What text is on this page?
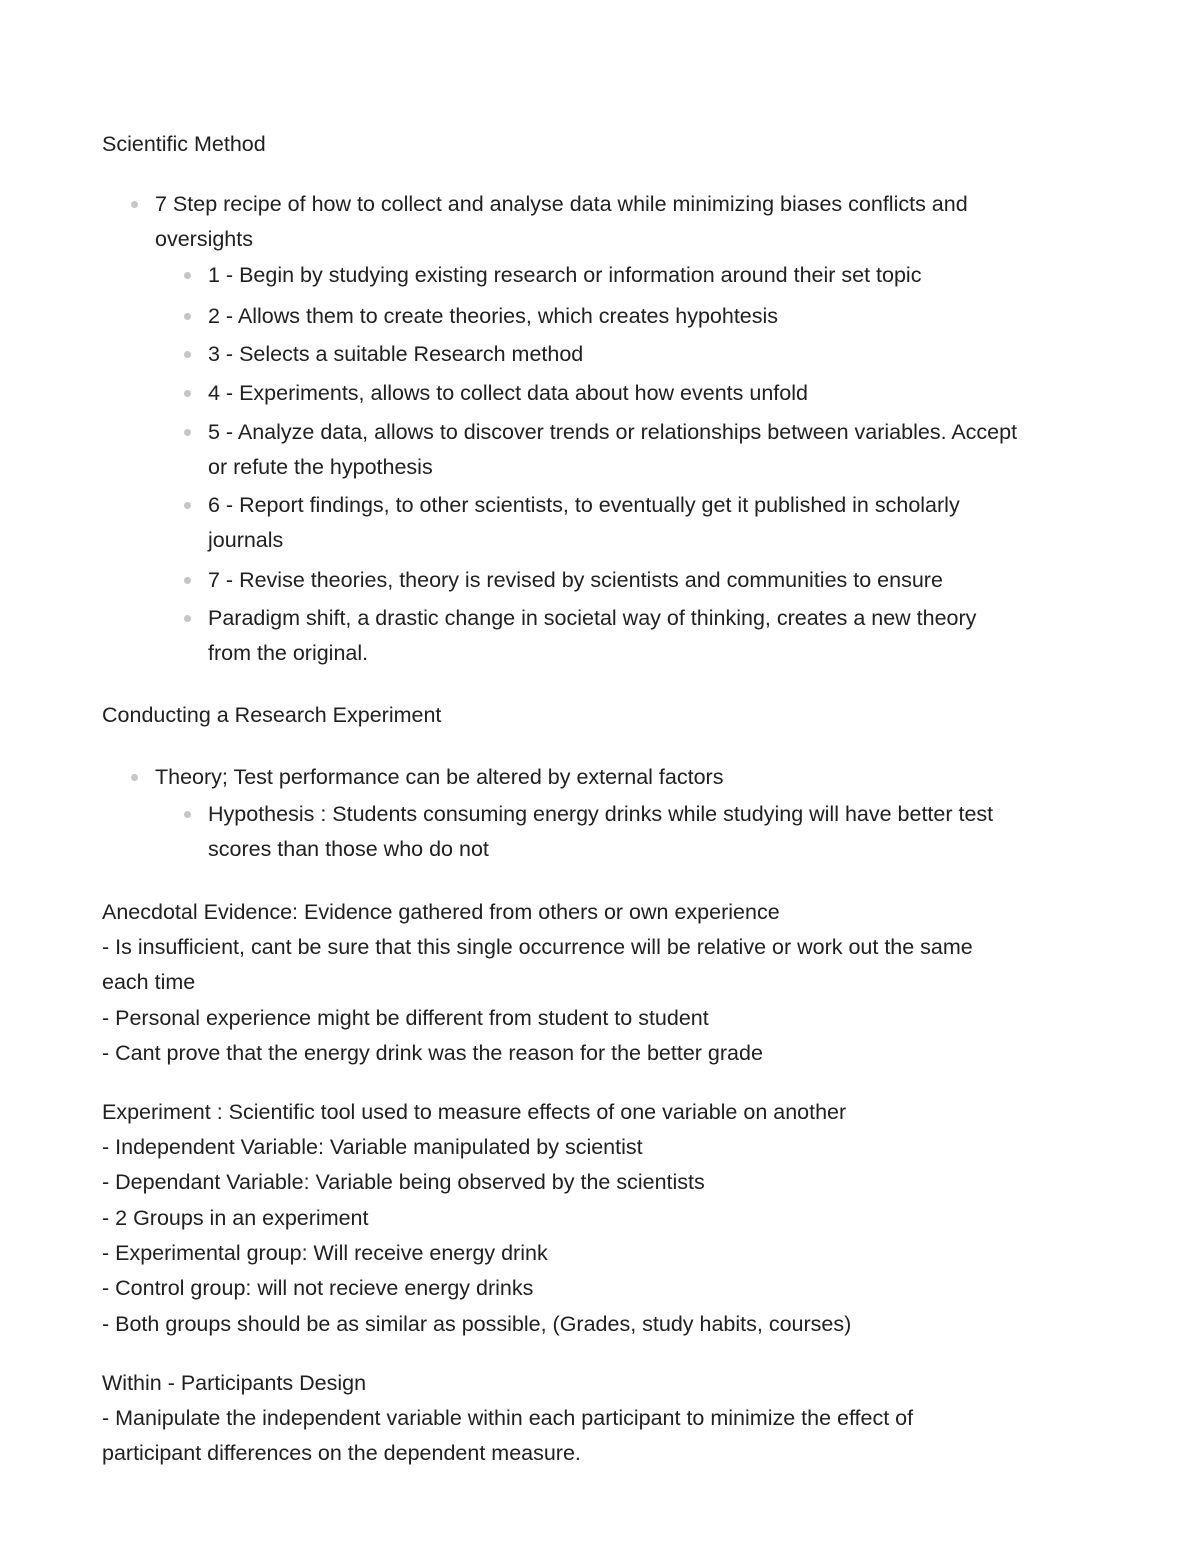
Scientific Method
7 Step recipe of how to collect and analyse data while minimizing biases conflicts and
oversights
1 - Begin by studying existing research or information around their set topic
2 - Allows them to create theories, which creates hypohtesis
3 - Selects a suitable Research method
4 - Experiments, allows to collect data about how events unfold
5 - Analyze data, allows to discover trends or relationships between variables. Accept
or refute the hypothesis
6 - Report findings, to other scientists, to eventually get it published in scholarly
journals
7 - Revise theories, theory is revised by scientists and communities to ensure
Paradigm shift, a drastic change in societal way of thinking, creates a new theory
from the original.
Conducting a Research Experiment
Theory; Test performance can be altered by external factors
Hypothesis : Students consuming energy drinks while studying will have better test
scores than those who do not
Anecdotal Evidence: Evidence gathered from others or own experience
- Is insufficient, cant be sure that this single occurrence will be relative or work out the same
each time
- Personal experience might be different from student to student
- Cant prove that the energy drink was the reason for the better grade
Experiment : Scientific tool used to measure effects of one variable on another
- Independent Variable: Variable manipulated by scientist
- Dependant Variable: Variable being observed by the scientists
- 2 Groups in an experiment
- Experimental group: Will receive energy drink
- Control group: will not recieve energy drinks
- Both groups should be as similar as possible, (Grades, study habits, courses)
Within - Participants Design
- Manipulate the independent variable within each participant to minimize the effect of
participant differences on the dependent measure.
